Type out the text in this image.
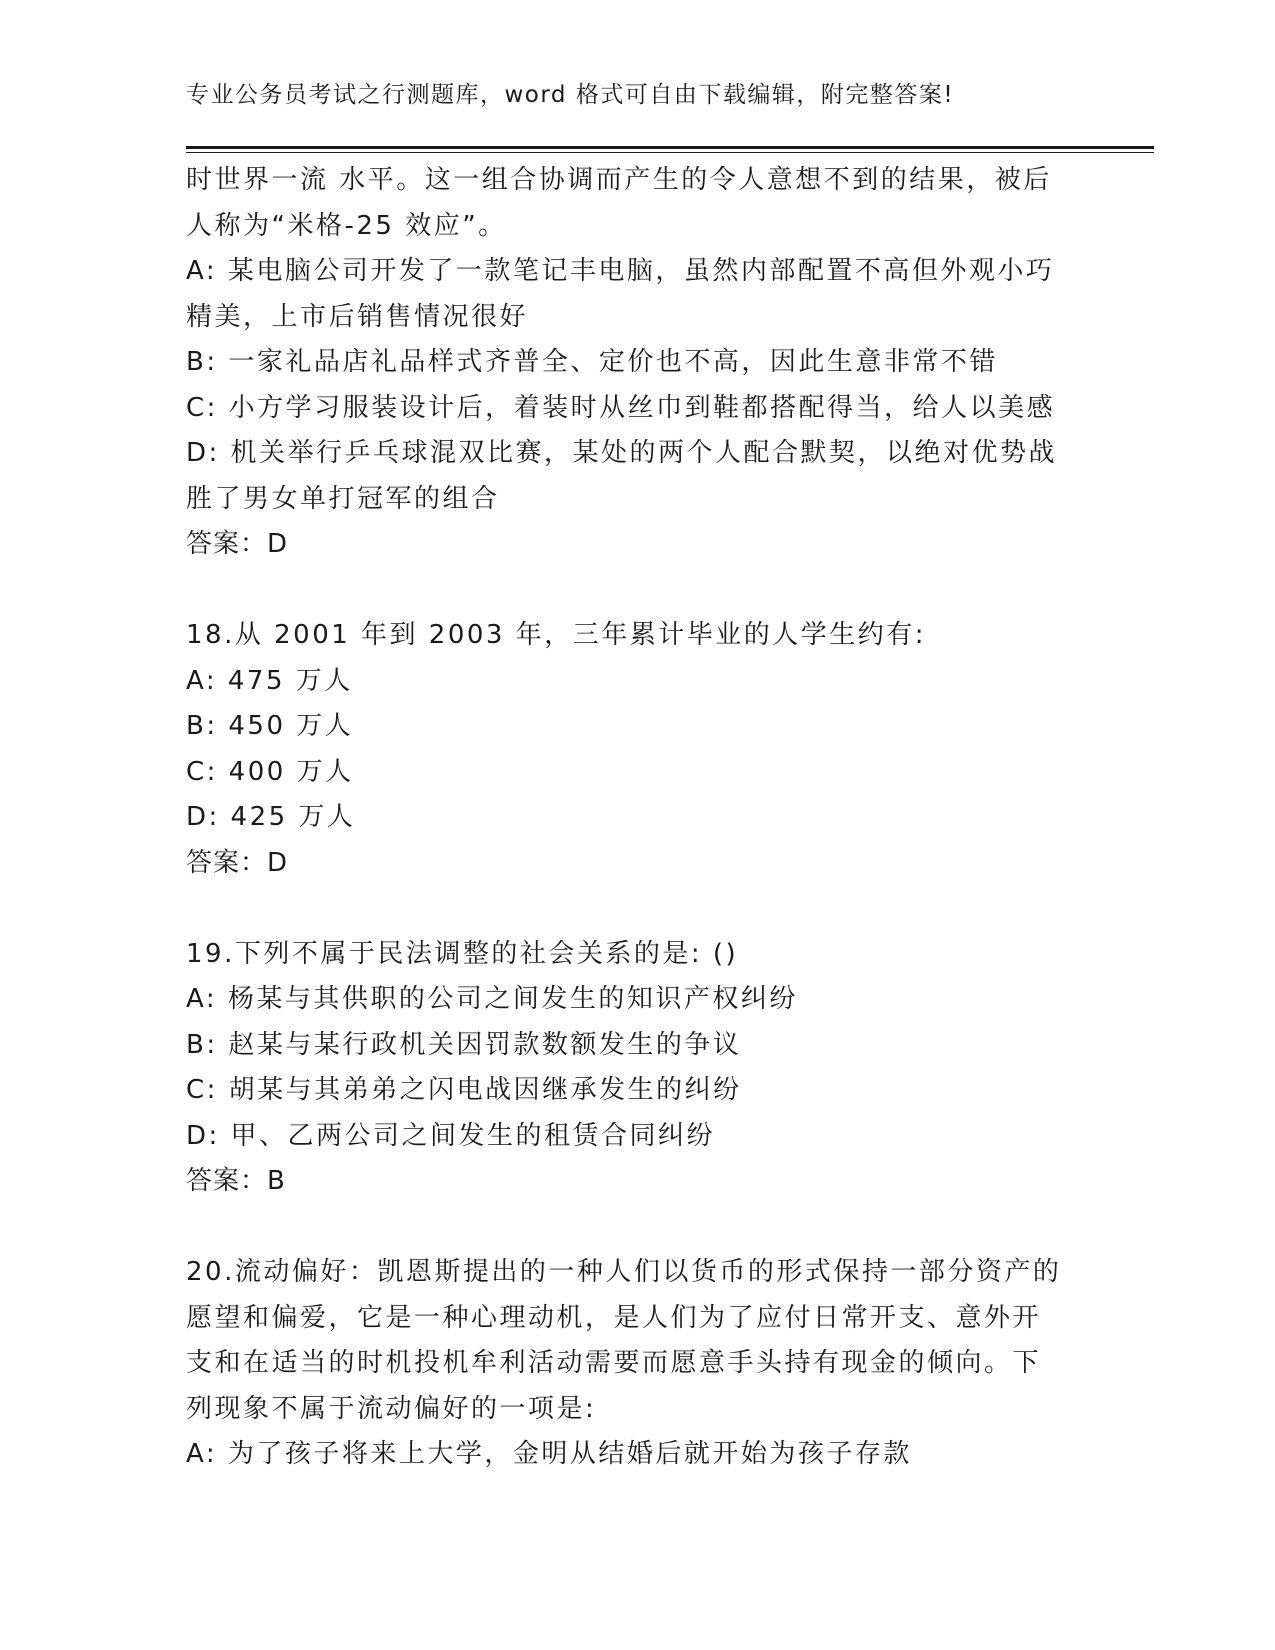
专业公务员考试之行测题库，word 格式可自由下载编辑，附完整答案!
时世界一流 水平。这一组合协调而产生的令人意想不到的结果，被后
人称为“米格-25 效应”。
A: 某电脑公司开发了一款笔记丰电脑，虽然内部配置不高但外观小巧
精美，上市后销售情况很好
B: 一家礼品店礼品样式齐普全、定价也不高，因此生意非常不错
C: 小方学习服装设计后，着装时从丝巾到鞋都搭配得当，给人以美感
D: 机关举行乒乓球混双比赛，某处的两个人配合默契，以绝对优势战
胜了男女单打冠军的组合
答案：D
18.从 2001 年到 2003 年，三年累计毕业的人学生约有:
A: 475 万人
B: 450 万人
C: 400 万人
D: 425 万人
答案：D
19.下列不属于民法调整的社会关系的是: ()
A: 杨某与其供职的公司之间发生的知识产权纠纷
B: 赵某与某行政机关因罚款数额发生的争议
C: 胡某与其弟弟之闪电战因继承发生的纠纷
D: 甲、乙两公司之间发生的租赁合同纠纷
答案：B
20.流动偏好：凯恩斯提出的一种人们以货币的形式保持一部分资产的
愿望和偏爱，它是一种心理动机，是人们为了应付日常开支、意外开
支和在适当的时机投机牟利活动需要而愿意手头持有现金的倾向。下
列现象不属于流动偏好的一项是:
A: 为了孩子将来上大学，金明从结婚后就开始为孩子存款
